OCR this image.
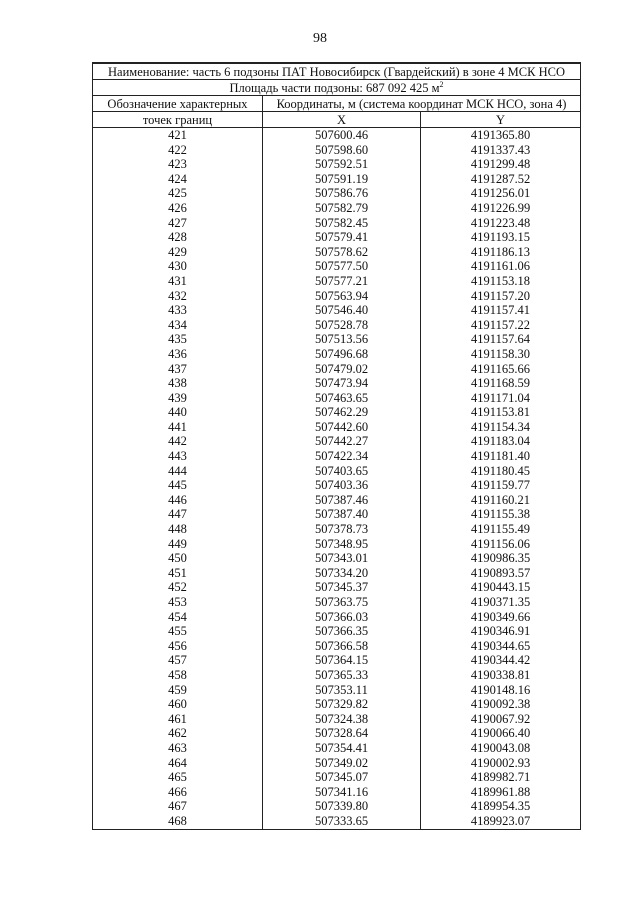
98
Наименование: часть 6 подзоны ПАТ Новосибирск (Гвардейский) в зоне 4 МСК НСО		
Площадь части подзоны: 687 092 425 $м^2$
Обозначение характерных	Координаты, м (система координат МСК НСО, зона 4)	
точек границ	X	Y
421	507600.46	4191365.80
422	507598.60	4191337.43
423	507592.51	4191299.48
424	507591.19	4191287.52
425	507586.76	4191256.01
426	507582.79	4191226.99
427	507582.45	4191223.48
428	507579.41	4191193.15
429	507578.62	4191186.13
430	507577.50	4191161.06
431	507577.21	4191153.18
432	507563.94	4191157.20
433	507546.40	4191157.41
434	507528.78	4191157.22
435	507513.56	4191157.64
436	507496.68	4191158.30
437	507479.02	4191165.66
438	507473.94	4191168.59
439	507463.65	4191171.04
440	507462.29	4191153.81
441	507442.60	4191154.34
442	507442.27	4191183.04
443	507422.34	4191181.40
444	507403.65	4191180.45
445	507403.36	4191159.77
446	507387.46	4191160.21
447	507387.40	4191155.38
448	507378.73	4191155.49
449	507348.95	4191156.06
450	507343.01	4190986.35
451	507334.20	4190893.57
452	507345.37	4190443.15
453	507363.75	4190371.35
454	507366.03	4190349.66
455	507366.35	4190346.91
456	507366.58	4190344.65
457	507364.15	4190344.42
458	507365.33	4190338.81
459	507353.11	4190148.16
460	507329.82	4190092.38
461	507324.38	4190067.92
462	507328.64	4190066.40
463	507354.41	4190043.08
464	507349.02	4190002.93
465	507345.07	4189982.71
466	507341.16	4189961.88
467	507339.80	4189954.35
468	507333.65	4189923.07
